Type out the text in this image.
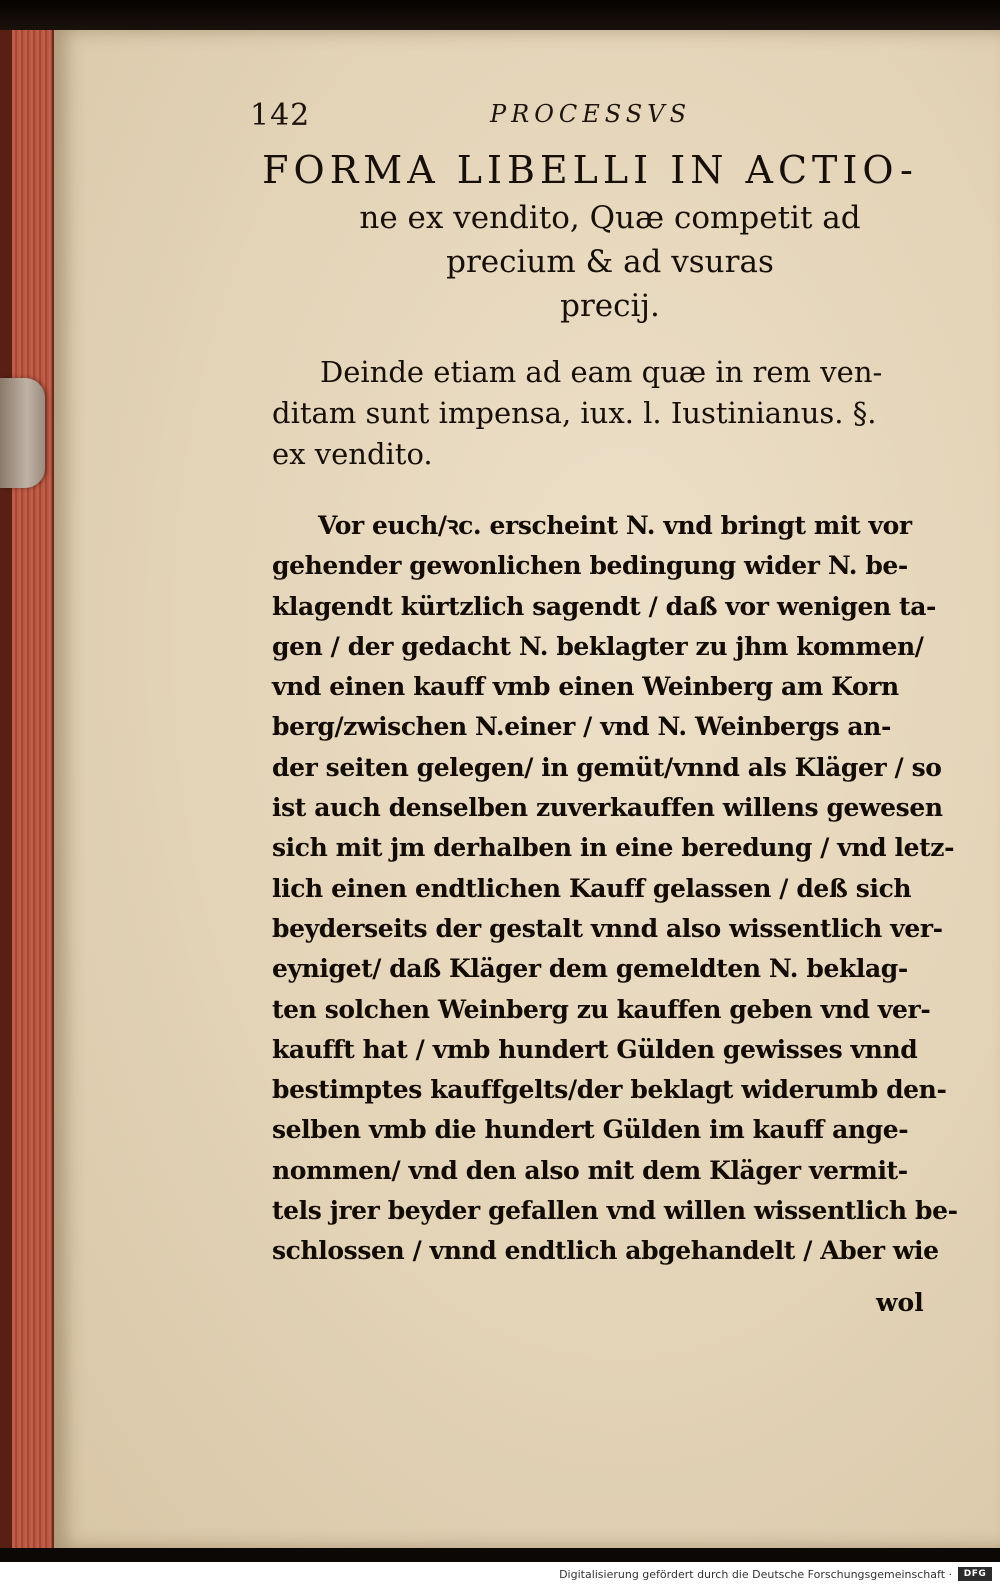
142	PROCESSVS
FORMA LIBELLI IN ACTIO-
ne ex vendito, Quæ competit ad
precium & ad vsuras
precij.
Deinde etiam ad eam quæ in rem ven-
ditam sunt impensa, iux. l. Iustinianus. §.
ex vendito.
Vor euch/ꝛc. erscheint N. vnd bringt mit vor
gehender gewonlichen bedingung wider N. be-
klagendt kürtzlich sagendt / daß vor wenigen ta-
gen / der gedacht N. beklagter zu jhm kommen/
vnd einen kauff vmb einen Weinberg am Korn
berg/zwischen N.einer / vnd N. Weinbergs an-
der seiten gelegen/ in gemüt/vnnd als Kläger / so
ist auch denselben zuverkauffen willens gewesen
sich mit jm derhalben in eine beredung / vnd letz-
lich einen endtlichen Kauff gelassen / deß sich
beyderseits der gestalt vnnd also wissentlich ver-
eyniget/ daß Kläger dem gemeldten N. beklag-
ten solchen Weinberg zu kauffen geben vnd ver-
kaufft hat / vmb hundert Gülden gewisses vnnd
bestimptes kauffgelts/der beklagt widerumb den-
selben vmb die hundert Gülden im kauff ange-
nommen/ vnd den also mit dem Kläger vermit-
tels jrer beyder gefallen vnd willen wissentlich be-
schlossen / vnnd endtlich abgehandelt / Aber wie
wol
Digitalisierung gefördert durch die Deutsche Forschungsgemeinschaft ·	DFG
